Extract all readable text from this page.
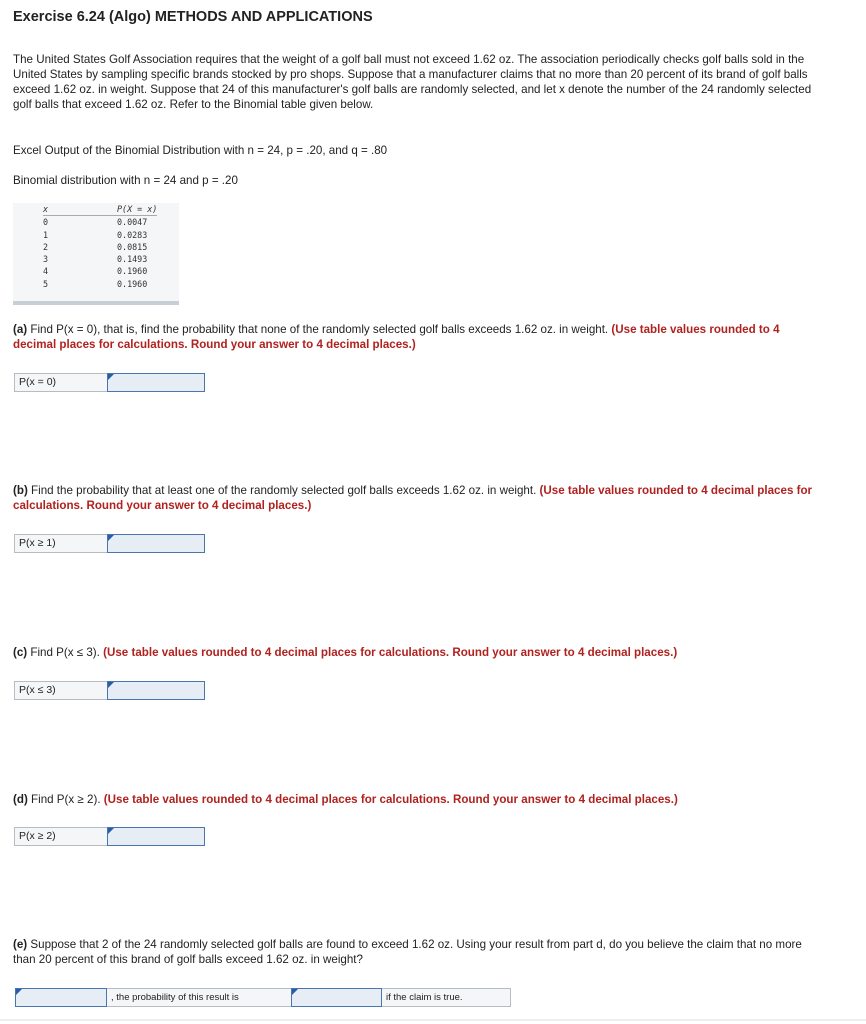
Exercise 6.24 (Algo) METHODS AND APPLICATIONS

The United States Golf Association requires that the weight of a golf ball must not exceed 1.62 oz. The association periodically checks golf balls sold in the United States by sampling specific brands stocked by pro shops. Suppose that a manufacturer claims that no more than 20 percent of its brand of golf balls exceed 1.62 oz. in weight. Suppose that 24 of this manufacturer's golf balls are randomly selected, and let x denote the number of the 24 randomly selected golf balls that exceed 1.62 oz. Refer to the Binomial table given below.

Excel Output of the Binomial Distribution with n = 24, p = .20, and q = .80

Binomial distribution with n = 24 and p = .20

x	P(X = x)
0	0.0047
1	0.0283
2	0.0815
3	0.1493
4	0.1960
5	0.1960

(a) Find P(x = 0), that is, find the probability that none of the randomly selected golf balls exceeds 1.62 oz. in weight. (Use table values rounded to 4 decimal places for calculations. Round your answer to 4 decimal places.)

P(x = 0)

(b) Find the probability that at least one of the randomly selected golf balls exceeds 1.62 oz. in weight. (Use table values rounded to 4 decimal places for calculations. Round your answer to 4 decimal places.)

P(x ≥ 1)

(c) Find P(x ≤ 3). (Use table values rounded to 4 decimal places for calculations. Round your answer to 4 decimal places.)

P(x ≤ 3)

(d) Find P(x ≥ 2). (Use table values rounded to 4 decimal places for calculations. Round your answer to 4 decimal places.)

P(x ≥ 2)

(e) Suppose that 2 of the 24 randomly selected golf balls are found to exceed 1.62 oz. Using your result from part d, do you believe the claim that no more than 20 percent of this brand of golf balls exceed 1.62 oz. in weight?

, the probability of this result is	if the claim is true.
